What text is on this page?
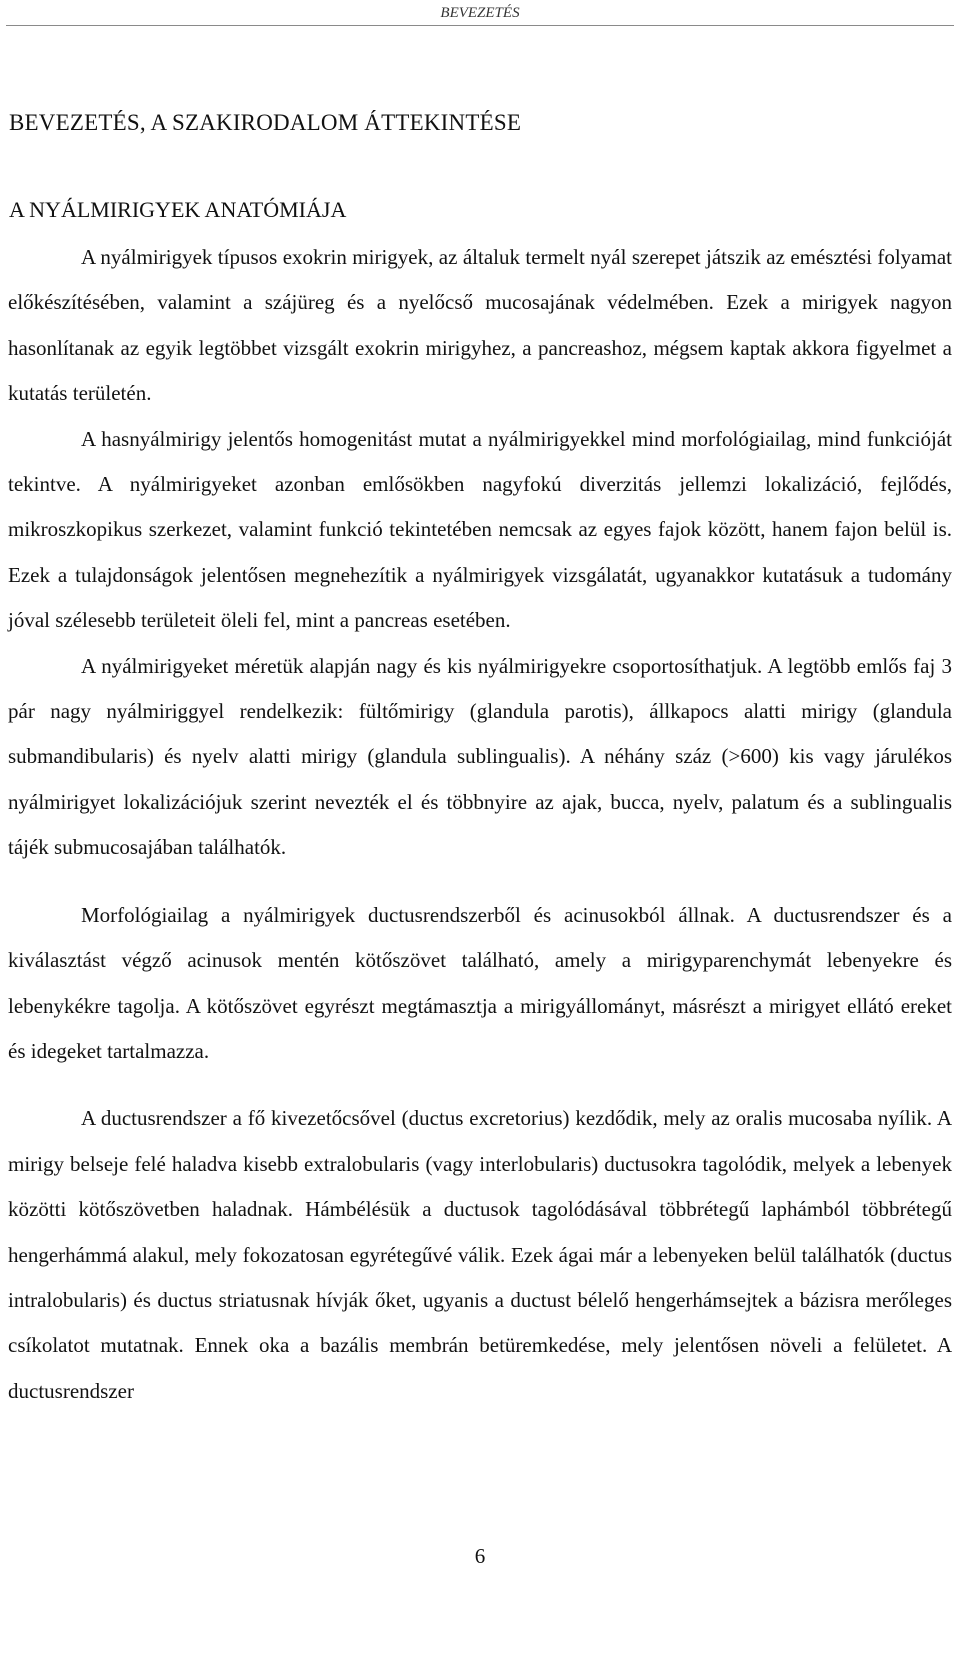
BEVEZETÉS
BEVEZETÉS, A SZAKIRODALOM ÁTTEKINTÉSE
A NYÁLMIRIGYEK ANATÓMIÁJA

A nyálmirigyek típusos exokrin mirigyek, az általuk termelt nyál szerepet játszik az emésztési folyamat előkészítésében, valamint a szájüreg és a nyelőcső mucosajának védelmében. Ezek a mirigyek nagyon hasonlítanak az egyik legtöbbet vizsgált exokrin mirigyhez, a pancreashoz, mégsem kaptak akkora figyelmet a kutatás területén.

A hasnyálmirigy jelentős homogenitást mutat a nyálmirigyekkel mind morfológiailag, mind funkcióját tekintve. A nyálmirigyeket azonban emlősökben nagyfokú diverzitás jellemzi lokalizáció, fejlődés, mikroszkopikus szerkezet, valamint funkció tekintetében nemcsak az egyes fajok között, hanem fajon belül is. Ezek a tulajdonságok jelentősen megnehezítik a nyálmirigyek vizsgálatát, ugyanakkor kutatásuk a tudomány jóval szélesebb területeit öleli fel, mint a pancreas esetében.

A nyálmirigyeket méretük alapján nagy és kis nyálmirigyekre csoportosíthatjuk. A legtöbb emlős faj 3 pár nagy nyálmiriggyel rendelkezik: fültőmirigy (glandula parotis), állkapocs alatti mirigy (glandula submandibularis) és nyelv alatti mirigy (glandula sublingualis). A néhány száz (>600) kis vagy járulékos nyálmirigyet lokalizációjuk szerint nevezték el és többnyire az ajak, bucca, nyelv, palatum és a sublingualis tájék submucosajában találhatók.

Morfológiailag a nyálmirigyek ductusrendszerből és acinusokból állnak. A ductusrendszer és a kiválasztást végző acinusok mentén kötőszövet található, amely a mirigyparenchymát lebenyekre és lebenykékre tagolja. A kötőszövet egyrészt megtámasztja a mirigyállományt, másrészt a mirigyet ellátó ereket és idegeket tartalmazza.

A ductusrendszer a fő kivezetőcsővel (ductus excretorius) kezdődik, mely az oralis mucosaba nyílik. A mirigy belseje felé haladva kisebb extralobularis (vagy interlobularis) ductusokra tagolódik, melyek a lebenyek közötti kötőszövetben haladnak. Hámbélésük a ductusok tagolódásával többrétegű laphámból többrétegű hengerhámmá alakul, mely fokozatosan egyrétegűvé válik. Ezek ágai már a lebenyeken belül találhatók (ductus intralobularis) és ductus striatusnak hívják őket, ugyanis a ductust bélelő hengerhámsejtek a bázisra merőleges csíkolatot mutatnak. Ennek oka a bazális membrán betüremkedése, mely jelentősen növeli a felületet. A ductusrendszer

6
